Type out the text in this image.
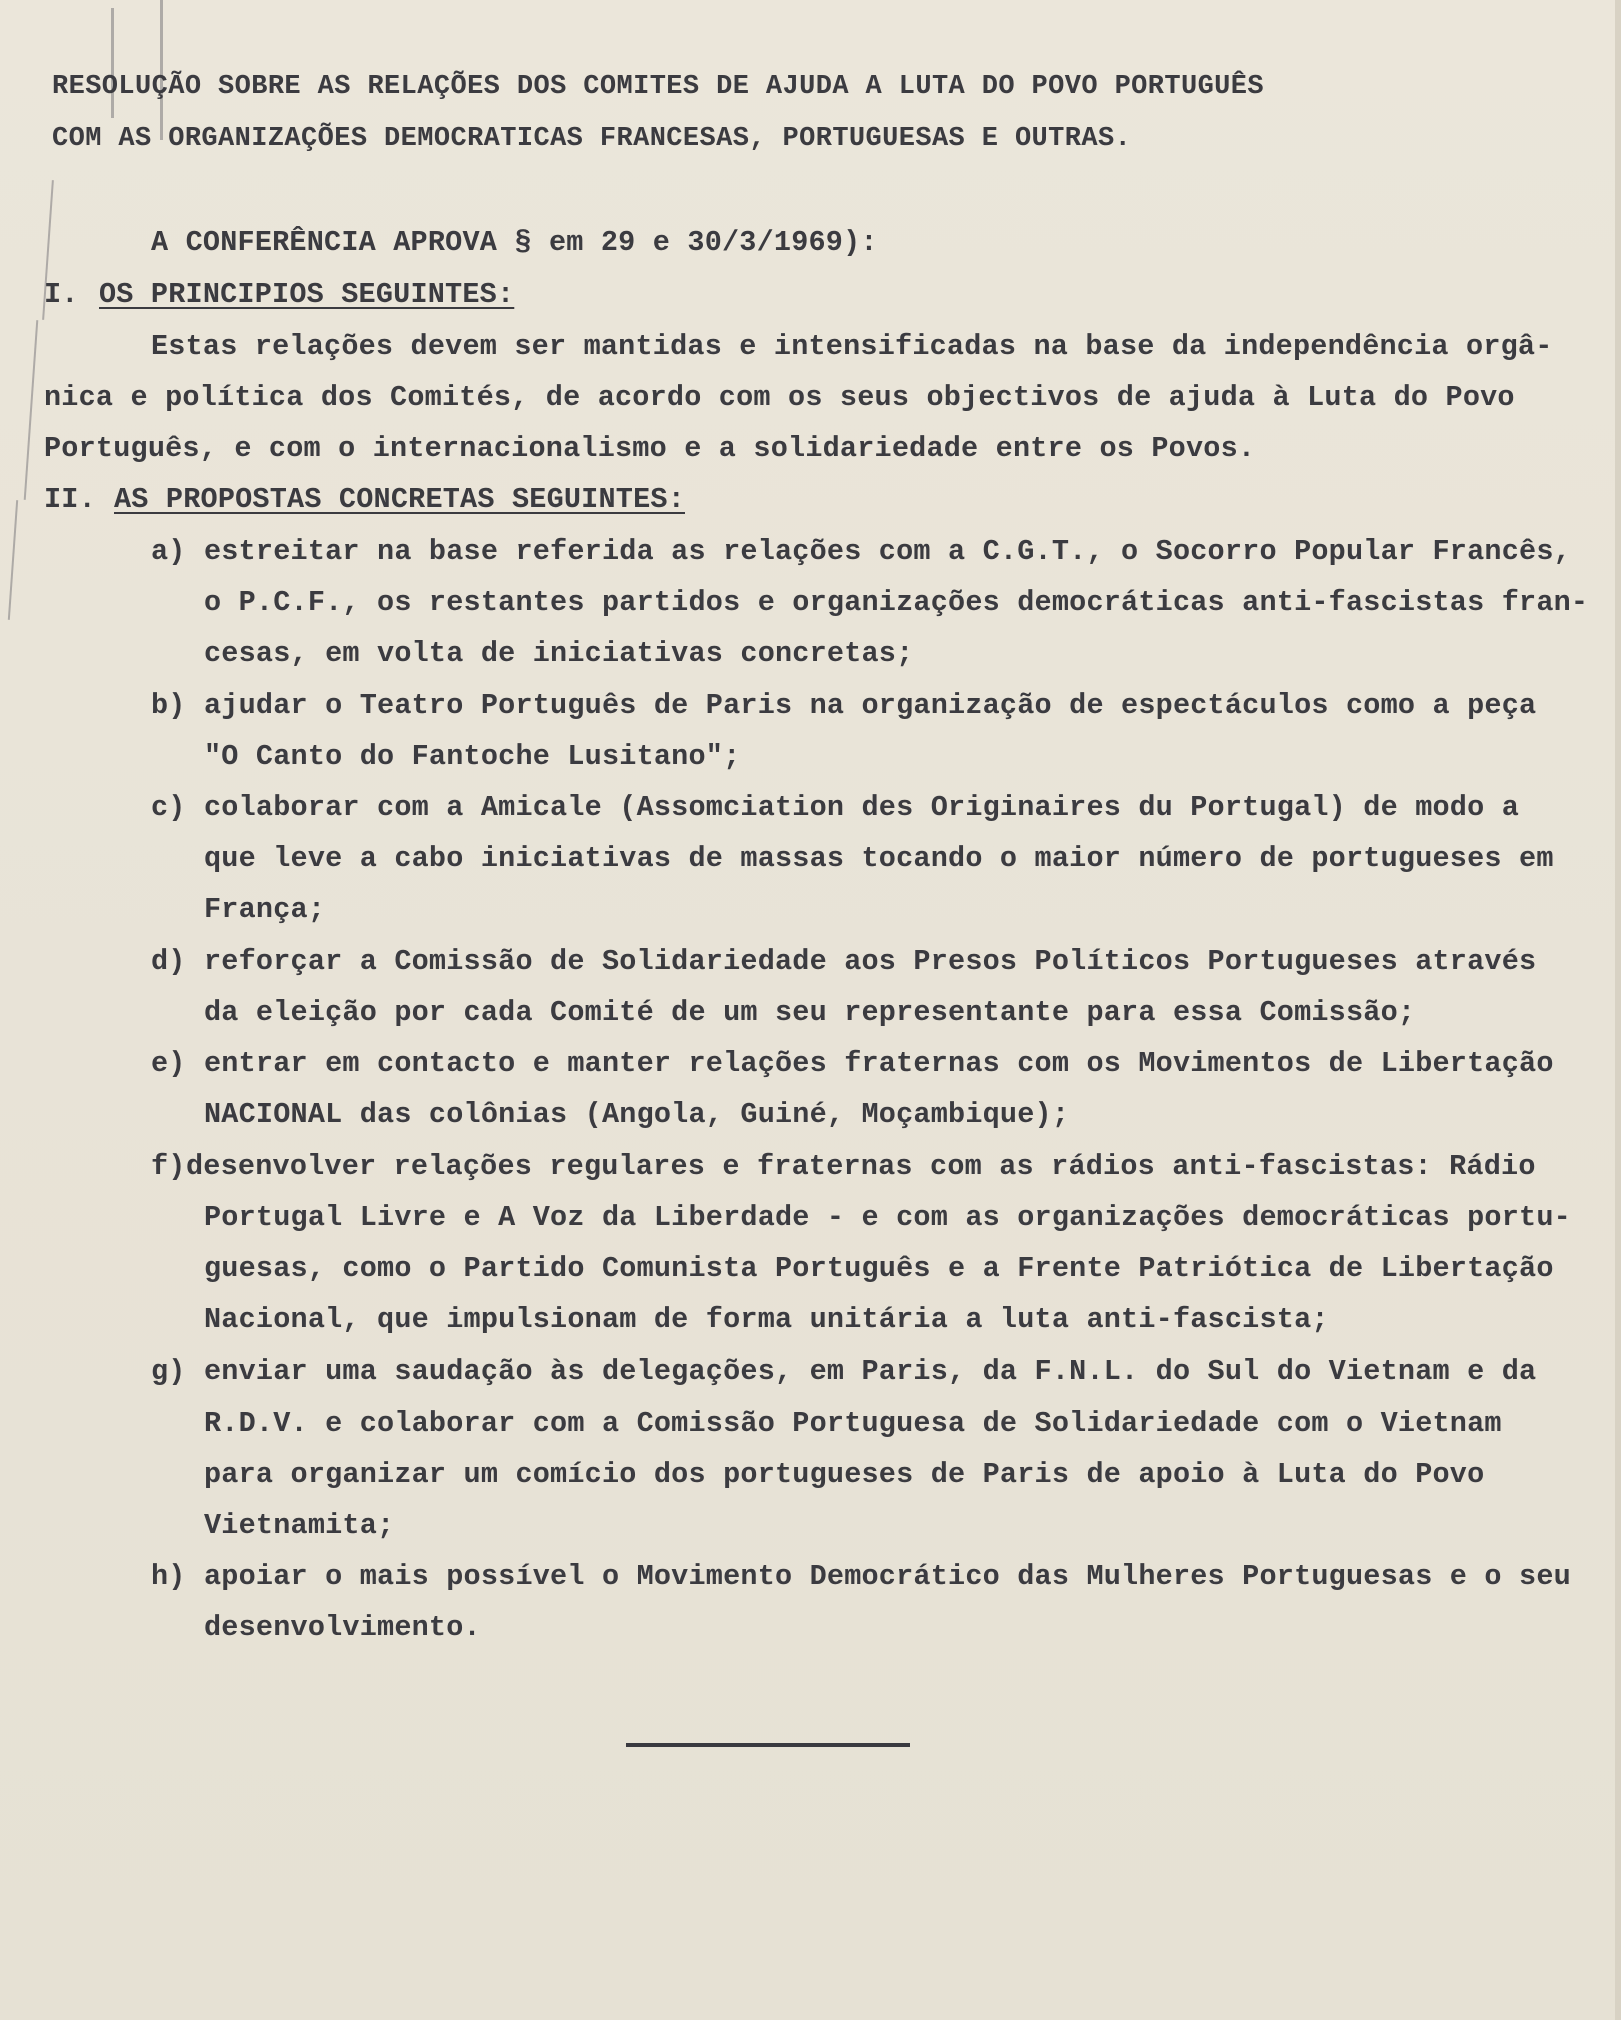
RESOLUÇÃO SOBRE AS RELAÇÕES DOS COMITES DE AJUDA A LUTA DO POVO PORTUGUÊS
COM AS ORGANIZAÇÕES DEMOCRATICAS FRANCESAS, PORTUGUESAS E OUTRAS.
A CONFERÊNCIA APROVA § em 29 e 30/3/1969):
I. OS PRINCIPIOS SEGUINTES:
Estas relações devem ser mantidas e intensificadas na base da independência orgâ-
nica e política dos Comités, de acordo com os seus objectivos de ajuda à Luta do Povo
Português, e com o internacionalismo e a solidariedade entre os Povos.
II. AS PROPOSTAS CONCRETAS SEGUINTES:
a) estreitar na base referida as relações com a C.G.T., o Socorro Popular Francês,
o P.C.F., os restantes partidos e organizações democráticas anti-fascistas fran-
cesas, em volta de iniciativas concretas;
b) ajudar o Teatro Português de Paris na organização de espectáculos como a peça
"O Canto do Fantoche Lusitano";
c) colaborar com a Amicale (Assomciation des Originaires du Portugal) de modo a
que leve a cabo iniciativas de massas tocando o maior número de portugueses em
França;
d) reforçar a Comissão de Solidariedade aos Presos Políticos Portugueses através
da eleição por cada Comité de um seu representante para essa Comissão;
e) entrar em contacto e manter relações fraternas com os Movimentos de Libertação
NACIONAL das colônias (Angola, Guiné, Moçambique);
f) desenvolver relações regulares e fraternas com as rádios anti-fascistas: Rádio
Portugal Livre e A Voz da Liberdade - e com as organizações democráticas portu-
guesas, como o Partido Comunista Português e a Frente Patriótica de Libertação
Nacional, que impulsionam de forma unitária a luta anti-fascista;
g) enviar uma saudação às delegações, em Paris, da F.N.L. do Sul do Vietnam e da
R.D.V. e colaborar com a Comissão Portuguesa de Solidariedade com o Vietnam
para organizar um comício dos portugueses de Paris de apoio à Luta do Povo
Vietnamita;
h) apoiar o mais possível o Movimento Democrático das Mulheres Portuguesas e o seu
desenvolvimento.
